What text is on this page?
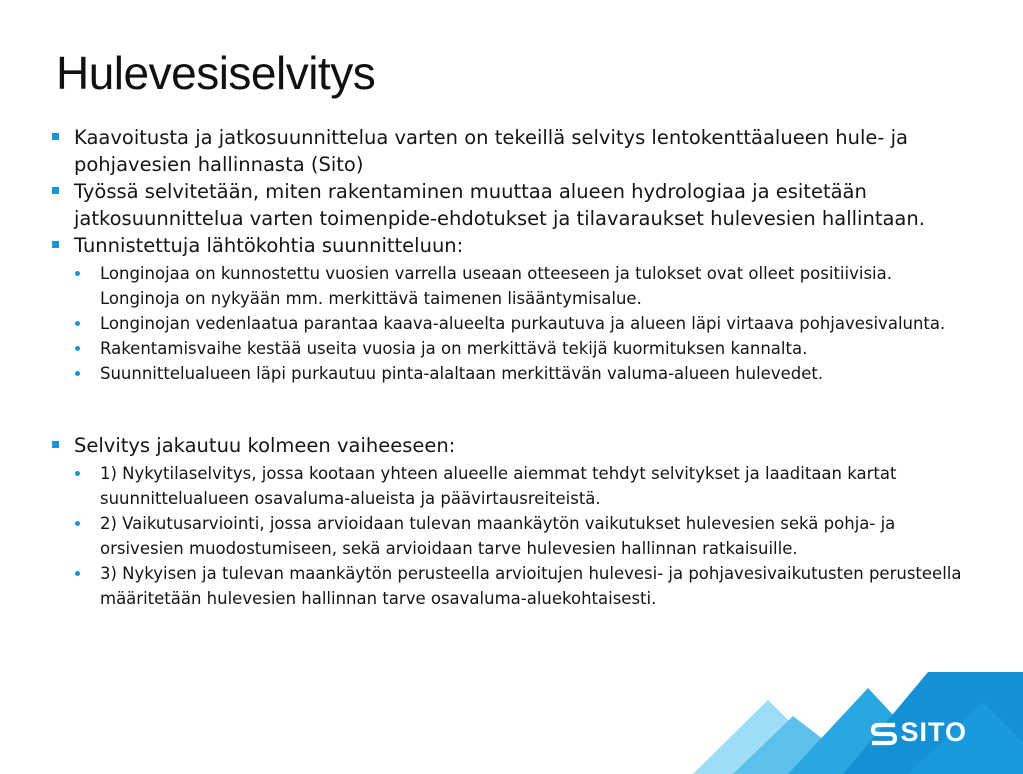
Hulevesiselvitys
Kaavoitusta ja jatkosuunnittelua varten on tekeillä selvitys lentokenttäalueen hule- ja pohjavesien hallinnasta (Sito)
Työssä selvitetään, miten rakentaminen muuttaa alueen hydrologiaa ja esitetään jatkosuunnittelua varten toimenpide-ehdotukset ja tilavaraukset hulevesien hallintaan.
Tunnistettuja lähtökohtia suunnitteluun:
Longinojaa on kunnostettu vuosien varrella useaan otteeseen ja tulokset ovat olleet positiivisia. Longinoja on nykyään mm. merkittävä taimenen lisääntymisalue.
Longinojan vedenlaatua parantaa kaava-alueelta purkautuva ja alueen läpi virtaava pohjavesivalunta.
Rakentamisvaihe kestää useita vuosia ja on merkittävä tekijä kuormituksen kannalta.
Suunnittelualueen läpi purkautuu pinta-alaltaan merkittävän valuma-alueen hulevedet.
Selvitys jakautuu kolmeen vaiheeseen:
1) Nykytilaselvitys, jossa kootaan yhteen alueelle aiemmat tehdyt selvitykset ja laaditaan kartat suunnittelualueen osavaluma-alueista ja päävirtausreiteistä.
2) Vaikutusarviointi, jossa arvioidaan tulevan maankäytön vaikutukset hulevesien sekä pohja- ja orsivesien muodostumiseen, sekä arvioidaan tarve hulevesien hallinnan ratkaisuille.
3) Nykyisen ja tulevan maankäytön perusteella arvioitujen hulevesi- ja pohjavesivaikutusten perusteella määritetään hulevesien hallinnan tarve osavaluma-aluekohtaisesti.
SITO
